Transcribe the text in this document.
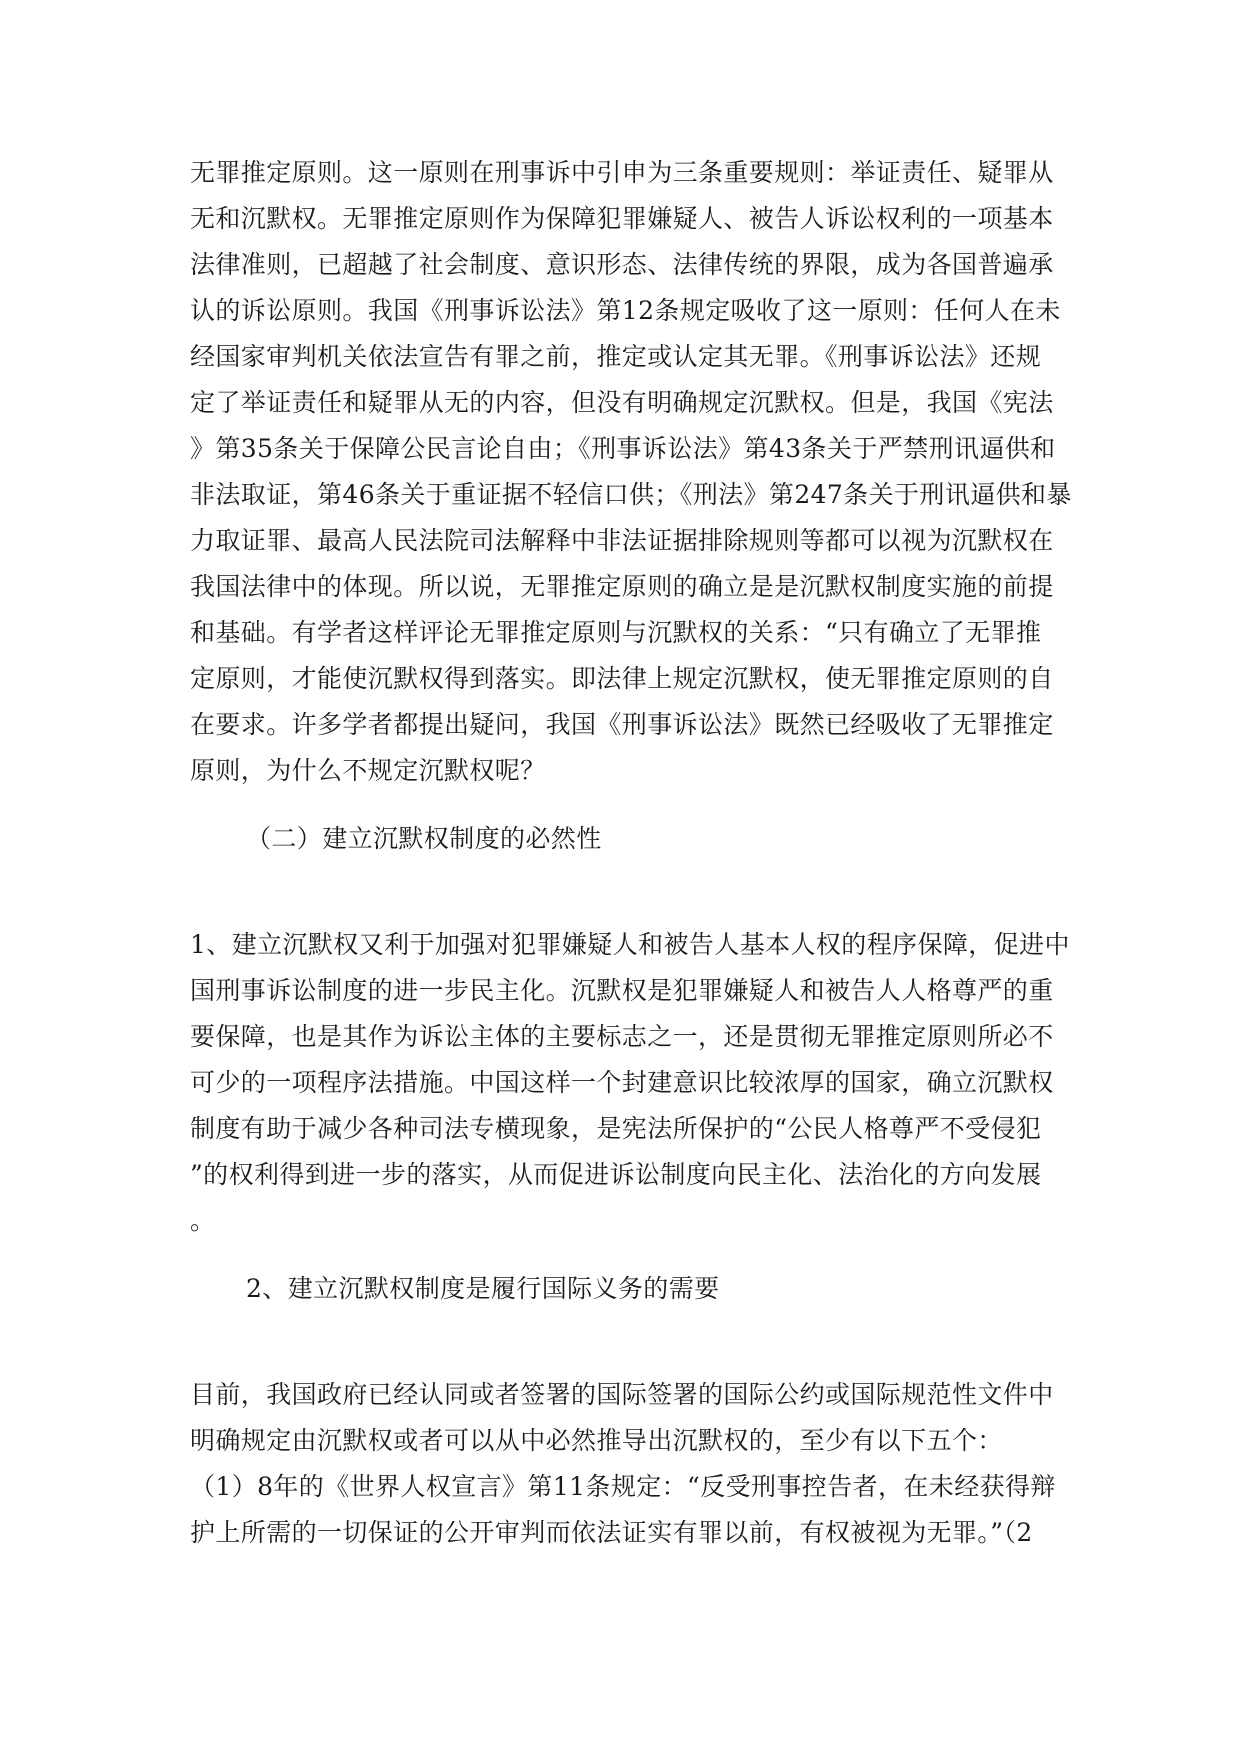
无罪推定原则。这一原则在刑事诉中引申为三条重要规则：举证责任、疑罪从
无和沉默权。无罪推定原则作为保障犯罪嫌疑人、被告人诉讼权利的一项基本
法律准则，已超越了社会制度、意识形态、法律传统的界限，成为各国普遍承
认的诉讼原则。我国《刑事诉讼法》第12条规定吸收了这一原则：任何人在未
经国家审判机关依法宣告有罪之前，推定或认定其无罪。《刑事诉讼法》还规
定了举证责任和疑罪从无的内容，但没有明确规定沉默权。但是，我国《宪法
》第35条关于保障公民言论自由；《刑事诉讼法》第43条关于严禁刑讯逼供和
非法取证，第46条关于重证据不轻信口供；《刑法》第247条关于刑讯逼供和暴
力取证罪、最高人民法院司法解释中非法证据排除规则等都可以视为沉默权在
我国法律中的体现。所以说，无罪推定原则的确立是是沉默权制度实施的前提
和基础。有学者这样评论无罪推定原则与沉默权的关系：“只有确立了无罪推
定原则，才能使沉默权得到落实。即法律上规定沉默权，使无罪推定原则的自
在要求。许多学者都提出疑问，我国《刑事诉讼法》既然已经吸收了无罪推定
原则，为什么不规定沉默权呢？
（二）建立沉默权制度的必然性
1、建立沉默权又利于加强对犯罪嫌疑人和被告人基本人权的程序保障，促进中
国刑事诉讼制度的进一步民主化。沉默权是犯罪嫌疑人和被告人人格尊严的重
要保障，也是其作为诉讼主体的主要标志之一，还是贯彻无罪推定原则所必不
可少的一项程序法措施。中国这样一个封建意识比较浓厚的国家，确立沉默权
制度有助于减少各种司法专横现象，是宪法所保护的“公民人格尊严不受侵犯
”的权利得到进一步的落实，从而促进诉讼制度向民主化、法治化的方向发展
。
2、建立沉默权制度是履行国际义务的需要
目前，我国政府已经认同或者签署的国际签署的国际公约或国际规范性文件中
明确规定由沉默权或者可以从中必然推导出沉默权的，至少有以下五个：
（1）8年的《世界人权宣言》第11条规定：“反受刑事控告者，在未经获得辩
护上所需的一切保证的公开审判而依法证实有罪以前，有权被视为无罪。”（2
